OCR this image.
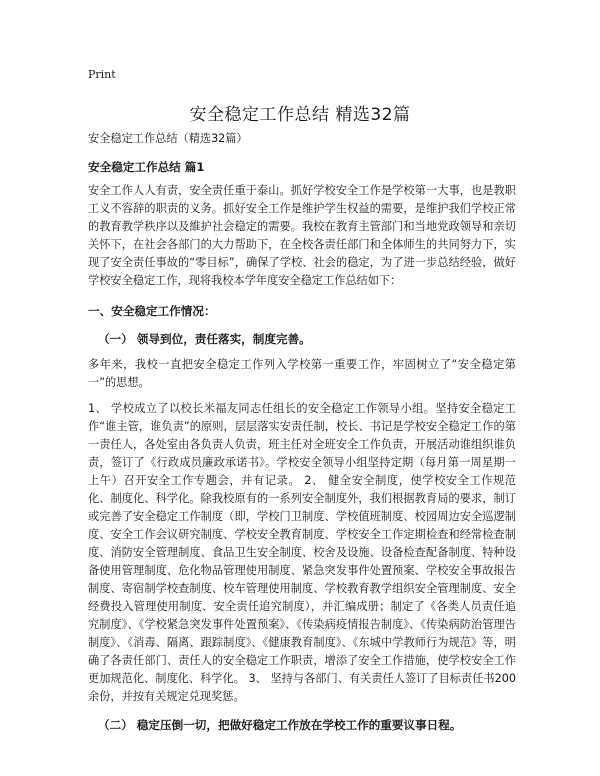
Print
安全稳定工作总结 精选32篇

安全稳定工作总结（精选32篇）

安全稳定工作总结 篇1

安全工作人人有责，安全责任重于泰山。抓好学校安全工作是学校第一大事，也是教职工义不容辞的职责的义务。抓好安全工作是维护学生权益的需要，是维护我们学校正常的教育教学秩序以及維护社会稳定的需要。我校在教育主管部门和当地党政领导和亲切关怀下，在社会各部门的大力帮助下，在全校各责任部门和全体师生的共同努力下，实现了安全责任事故的“零目标”，确保了学校、社会的稳定，为了进一步总结经验，做好学校安全稳定工作，现将我校本学年度安全稳定工作总结如下：

一、安全稳定工作情况：

（一） 领导到位，责任落实，制度完善。

多年来，我校一直把安全稳定工作列入学校第一重要工作，牢固树立了“安全稳定第一”的思想。

1、 学校成立了以校长米福友同志任组长的安全稳定工作领导小组。坚持安全稳定工作“谁主管，谁负责”的原则，层层落实安责任制，校长、书记是学校安全稳定工作的第一责任人，各处室由各负责人负责，班主任对全班安全工作负责，开展活动谁组织谁负责，签订了《行政成员廉政承诺书》。学校安全领导小组坚持定期（每月第一周星期一上午）召开安全工作专题会，并有记录。 2、 健全安全制度，使学校安全工作规范化、制度化、科学化。除我校原有的一系列安全制度外，我们根据教育局的要求，制订或完善了安全稳定工作制度（即，学校门卫制度、学校值班制度、校园周边安全巡逻制度、安全工作会议研究制度、学校安全教育制度、学校安全工作定期检查和经常检查制度、消防安全管理制度、食品卫生安全制度、校舍及设施、设备检查配备制度、特种设备使用管理制度、危化物品管理使用制度、紧急突发事件处置预案、学校安全事故报告制度、寄宿制学校查制度、校车管理使用制度、学校教育教学组织安全管理制度、安全经费投入管理使用制度、安全责任追究制度），并汇编成册；制定了《各类人员责任追究制度》、《学校紧急突发事件处置预案》、《传染病疫情报告制度》、《传染病防治管理告制度》、《消毒、隔离、跟踪制度》、《健康教育制度》、《东城中学教师行为规范》等，明确了各责任部门、责任人的安全稳定工作职责，增添了安全工作措施，使学校安全工作更加规范化、制度化、科学化。 3、 坚持与各部门、有关责任人签订了目标责任书200余份，并按有关规定兑现奖惩。

（二） 稳定压倒一切，把做好稳定工作放在学校工作的重要议事日程。
